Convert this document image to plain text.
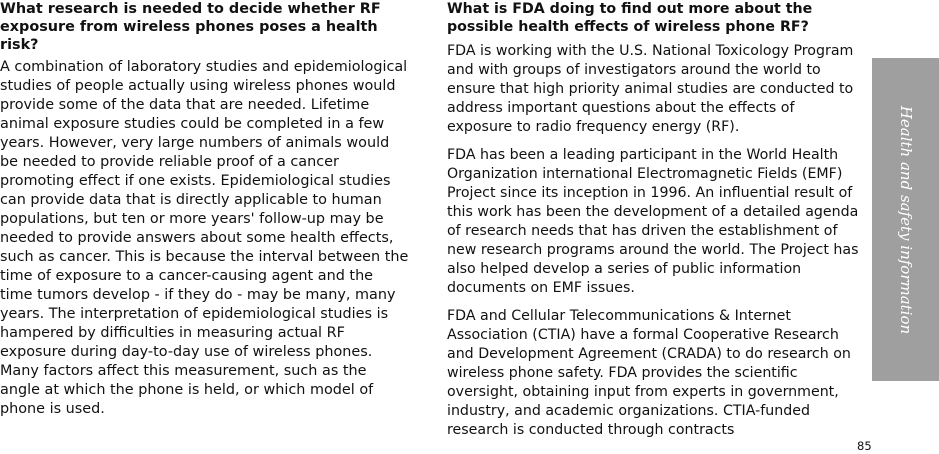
What research is needed to decide whether RF exposure from wireless phones poses a health risk?

A combination of laboratory studies and epidemiological studies of people actually using wireless phones would provide some of the data that are needed. Lifetime animal exposure studies could be completed in a few years. However, very large numbers of animals would be needed to provide reliable proof of a cancer promoting effect if one exists. Epidemiological studies can provide data that is directly applicable to human populations, but ten or more years' follow-up may be needed to provide answers about some health effects, such as cancer. This is because the interval between the time of exposure to a cancer-causing agent and the time tumors develop - if they do - may be many, many years. The interpretation of epidemiological studies is hampered by difficulties in measuring actual RF exposure during day-to-day use of wireless phones. Many factors affect this measurement, such as the angle at which the phone is held, or which model of phone is used.

What is FDA doing to find out more about the possible health effects of wireless phone RF?

FDA is working with the U.S. National Toxicology Program and with groups of investigators around the world to ensure that high priority animal studies are conducted to address important questions about the effects of exposure to radio frequency energy (RF).

FDA has been a leading participant in the World Health Organization international Electromagnetic Fields (EMF) Project since its inception in 1996. An influential result of this work has been the development of a detailed agenda of research needs that has driven the establishment of new research programs around the world. The Project has also helped develop a series of public information documents on EMF issues.

FDA and Cellular Telecommunications & Internet Association (CTIA) have a formal Cooperative Research and Development Agreement (CRADA) to do research on wireless phone safety. FDA provides the scientific oversight, obtaining input from experts in government, industry, and academic organizations. CTIA-funded research is conducted through contracts

Health and safety information
85
